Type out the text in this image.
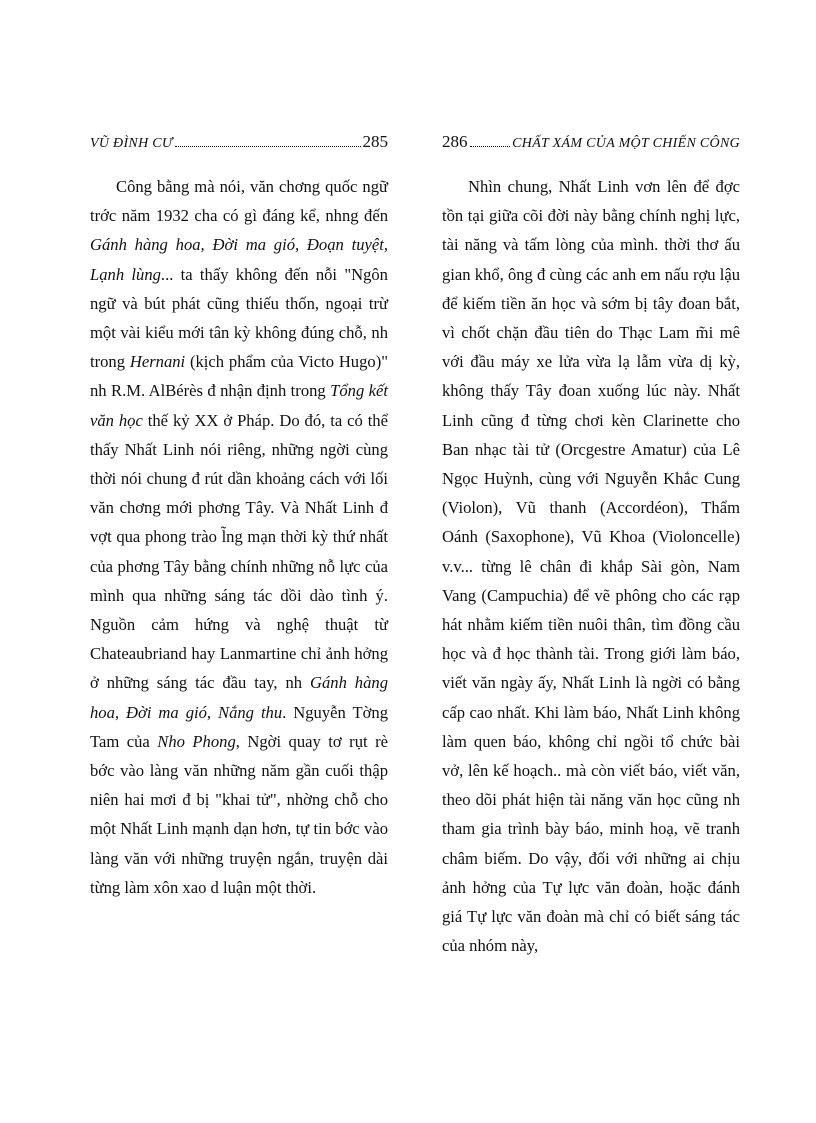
VŨ ĐÌNH CƯ	285

Công bằng mà nói, văn chơng quốc ngữ trớc năm 1932 cha có gì đáng kể, nhng đến Gánh hàng hoa, Đời ma gió, Đoạn tuyệt, Lạnh lùng... ta thấy không đến nỗi "Ngôn ngữ và bút phát cũng thiếu thốn, ngoại trừ một vài kiểu mới tân kỳ không đúng chỗ, nh trong Hernani (kịch phẩm của Victo Hugo)" nh R.M. AlBérès đ nhận định trong Tổng kết văn học thế kỷ XX ở Pháp. Do đó, ta có thể thấy Nhất Linh nói riêng, những ngời cùng thời nói chung đ rút dần khoảng cách với lối văn chơng mới phơng Tây. Và Nhất Linh đ vợt qua phong trào l̃ng mạn thời kỳ thứ nhất của phơng Tây bằng chính những nỗ lực của mình qua những sáng tác dồi dào tình ý. Nguồn cảm hứng và nghệ thuật từ Chateaubriand hay Lanmartine chỉ ảnh hởng ở những sáng tác đầu tay, nh Gánh hàng hoa, Đời ma gió, Nắng thu. Nguyễn Tờng Tam của Nho Phong, Ngời quay tơ rụt rè bớc vào làng văn những năm gần cuối thập niên hai mơi đ bị "khai tử", nhờng chỗ cho một Nhất Linh mạnh dạn hơn, tự tin bớc vào làng văn với những truyện ngắn, truyện dài từng làm xôn xao d luận một thời.

286	CHẤT XÁM CỦA MỘT CHIẾN CÔNG

Nhìn chung, Nhất Linh vơn lên để đợc tồn tại giữa cõi đời này bằng chính nghị lực, tài năng và tấm lòng của mình. thời thơ ấu gian khổ, ông đ cùng các anh em nấu rợu lậu để kiếm tiền ăn học và sớm bị tây đoan bắt, vì chốt chặn đầu tiên do Thạc Lam m̃i mê với đầu máy xe lửa vừa lạ lẫm vừa dị kỳ, không thấy Tây đoan xuống lúc này. Nhất Linh cũng đ từng chơi kèn Clarinette cho Ban nhạc tài tử (Orcgestre Amatur) của Lê Ngọc Huỳnh, cùng với Nguyễn Khắc Cung (Violon), Vũ thanh (Accordéon), Thẩm Oánh (Saxophone), Vũ Khoa (Violoncelle) v.v... từng lê chân đi khắp Sài gòn, Nam Vang (Campuchia) để vẽ phông cho các rạp hát nhằm kiếm tiền nuôi thân, tìm đồng cầu học và đ học thành tài. Trong giới làm báo, viết văn ngày ấy, Nhất Linh là ngời có bằng cấp cao nhất. Khi làm báo, Nhất Linh không làm quen báo, không chỉ ngồi tổ chức bài vở, lên kế hoạch.. mà còn viết báo, viết văn, theo dõi phát hiện tài năng văn học cũng nh tham gia trình bày báo, minh hoạ, vẽ tranh châm biếm. Do vậy, đối với những ai chịu ảnh hởng của Tự lực văn đoàn, hoặc đánh giá Tự lực văn đoàn mà chỉ có biết sáng tác của nhóm này,
